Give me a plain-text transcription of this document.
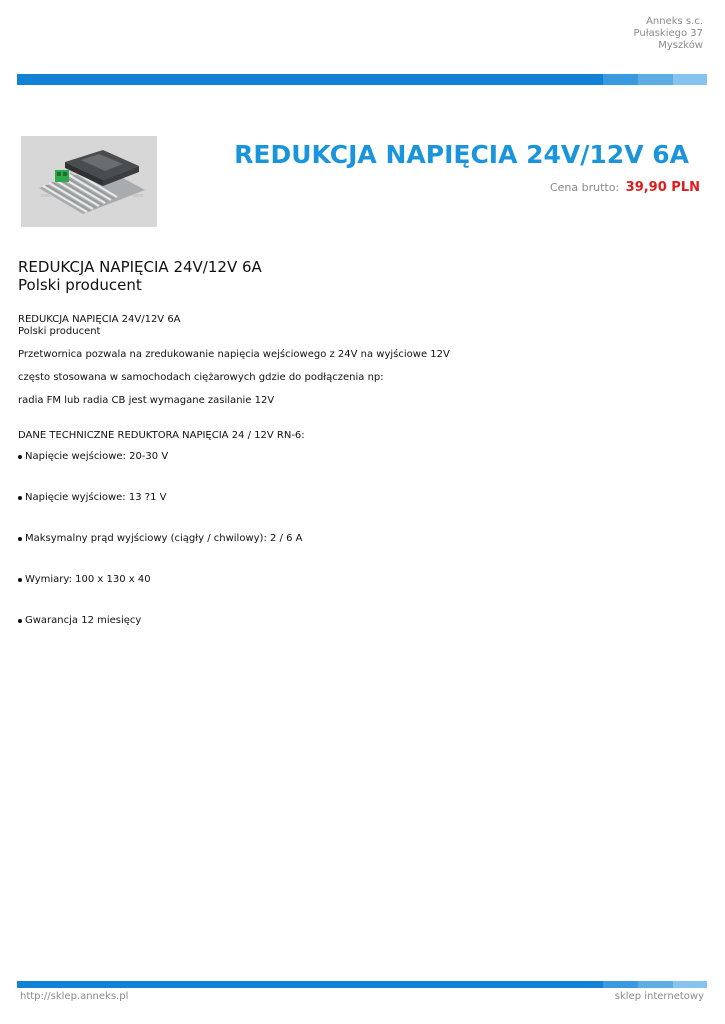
Anneks s.c.
Pułaskiego 37
Myszków
REDUKCJA NAPIĘCIA 24V/12V 6A
Cena brutto: 39,90 PLN
REDUKCJA NAPIĘCIA 24V/12V 6A
Polski producent
REDUKCJA NAPIĘCIA 24V/12V 6A
Polski producent

Przetwornica pozwala na zredukowanie napięcia wejściowego z 24V na wyjściowe 12V

często stosowana w samochodach ciężarowych gdzie do podłączenia np:

radia FM lub radia CB jest wymagane zasilanie 12V

DANE TECHNICZNE REDUKTORA NAPIĘCIA 24 / 12V RN-6:

Napięcie wejściowe: 20-30 V
Napięcie wyjściowe: 13 ?1 V
Maksymalny prąd wyjściowy (ciągły / chwilowy): 2 / 6 A
Wymiary: 100 x 130 x 40
Gwarancja 12 miesięcy
http://sklep.anneks.pl	sklep internetowy
